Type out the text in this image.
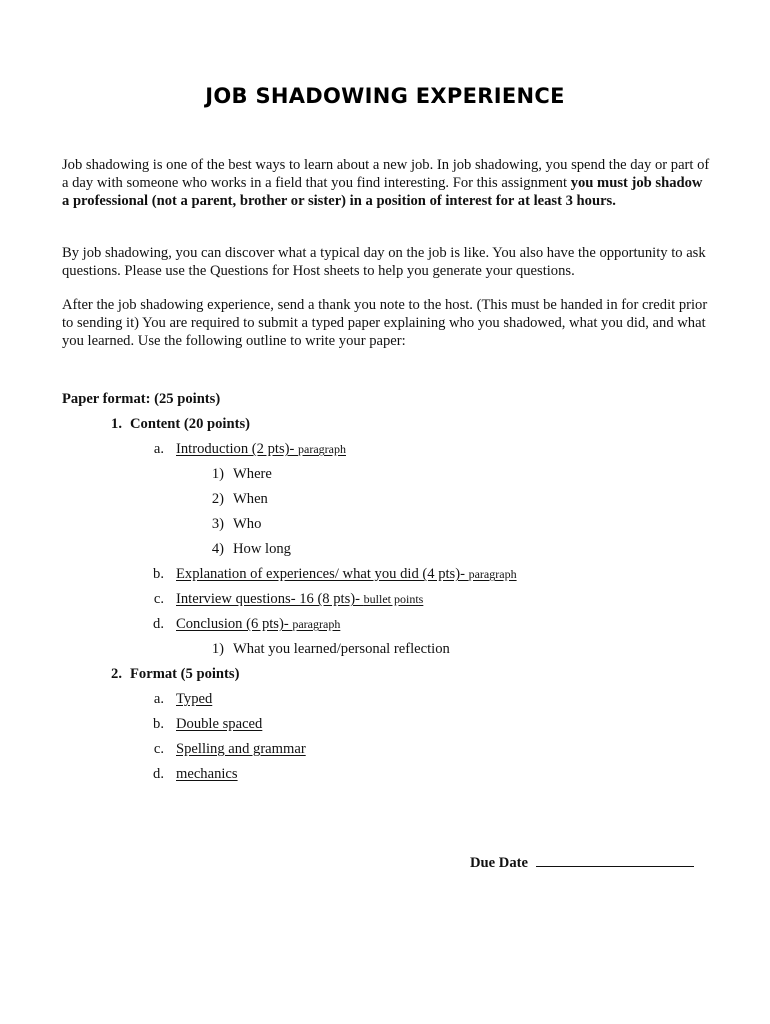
JOB SHADOWING EXPERIENCE

Job shadowing is one of the best ways to learn about a new job. In job shadowing, you spend the day or part of a day with someone who works in a field that you find interesting. For this assignment you must job shadow a professional (not a parent, brother or sister) in a position of interest for at least 3 hours.

By job shadowing, you can discover what a typical day on the job is like. You also have the opportunity to ask questions. Please use the Questions for Host sheets to help you generate your questions.

After the job shadowing experience, send a thank you note to the host. (This must be handed in for credit prior to sending it) You are required to submit a typed paper explaining who you shadowed, what you did, and what you learned. Use the following outline to write your paper:

Paper format: (25 points)
1. Content (20 points)
a. Introduction (2 pts)- paragraph
1) Where
2) When
3) Who
4) How long
b. Explanation of experiences/ what you did (4 pts)- paragraph
c. Interview questions- 16 (8 pts)- bullet points
d. Conclusion (6 pts)- paragraph
1) What you learned/personal reflection
2. Format (5 points)
a. Typed
b. Double spaced
c. Spelling and grammar
d. mechanics
Due Date
